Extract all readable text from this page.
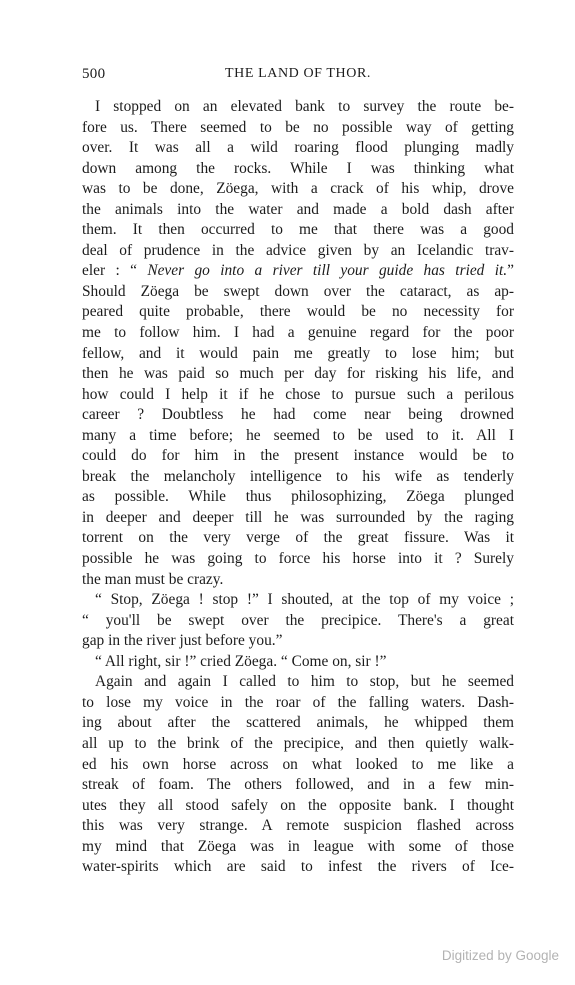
500	THE LAND OF THOR.
I stopped on an elevated bank to survey the route be-
fore us. There seemed to be no possible way of getting
over. It was all a wild roaring flood plunging madly
down among the rocks. While I was thinking what
was to be done, Zöega, with a crack of his whip, drove
the animals into the water and made a bold dash after
them. It then occurred to me that there was a good
deal of prudence in the advice given by an Icelandic trav-
eler : “ Never go into a river till your guide has tried it.”
Should Zöega be swept down over the cataract, as ap-
peared quite probable, there would be no necessity for
me to follow him. I had a genuine regard for the poor
fellow, and it would pain me greatly to lose him; but
then he was paid so much per day for risking his life, and
how could I help it if he chose to pursue such a perilous
career ? Doubtless he had come near being drowned
many a time before; he seemed to be used to it. All I
could do for him in the present instance would be to
break the melancholy intelligence to his wife as tenderly
as possible. While thus philosophizing, Zöega plunged
in deeper and deeper till he was surrounded by the raging
torrent on the very verge of the great fissure. Was it
possible he was going to force his horse into it ? Surely
the man must be crazy.
“ Stop, Zöega ! stop !” I shouted, at the top of my voice ;
“ you'll be swept over the precipice. There's a great
gap in the river just before you.”
“ All right, sir !” cried Zöega. “ Come on, sir !”
Again and again I called to him to stop, but he seemed
to lose my voice in the roar of the falling waters. Dash-
ing about after the scattered animals, he whipped them
all up to the brink of the precipice, and then quietly walk-
ed his own horse across on what looked to me like a
streak of foam. The others followed, and in a few min-
utes they all stood safely on the opposite bank. I thought
this was very strange. A remote suspicion flashed across
my mind that Zöega was in league with some of those
water-spirits which are said to infest the rivers of Ice-
Digitized by Google
